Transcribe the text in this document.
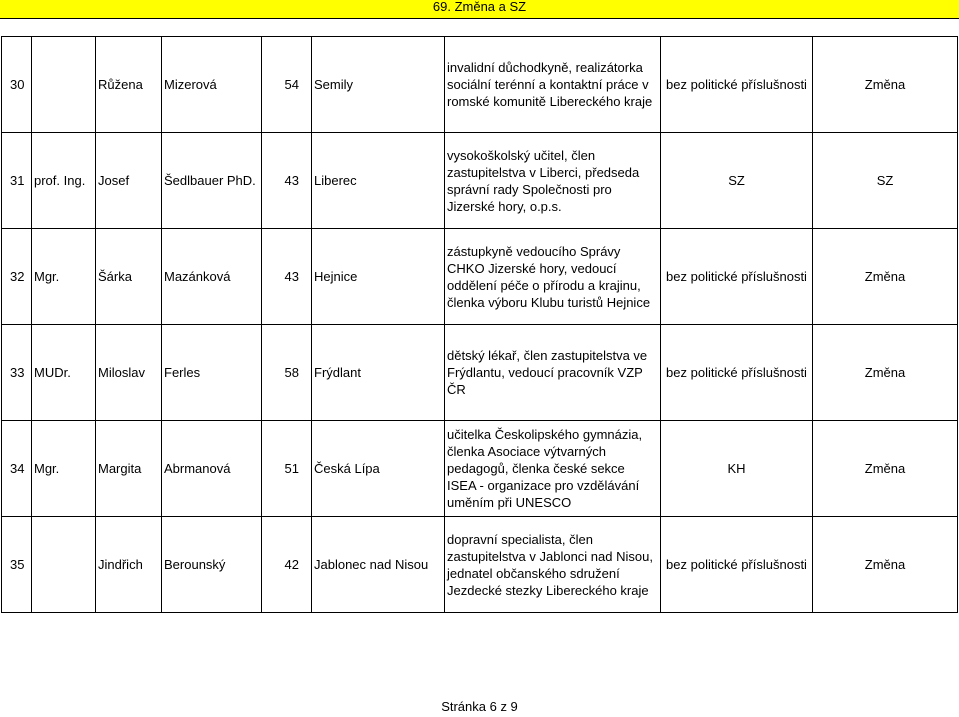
69. Změna a SZ
30		Růžena	Mizerová	54	Semily	invalidní důchodkyně, realizátorka sociální terénní a kontaktní práce v romské komunitě Libereckého kraje	bez politické příslušnosti	Změna
31	prof. Ing.	Josef	Šedlbauer PhD.	43	Liberec	vysokoškolský učitel, člen zastupitelstva v Liberci, předseda správní rady Společnosti pro Jizerské hory, o.p.s.	SZ	SZ
32	Mgr.	Šárka	Mazánková	43	Hejnice	zástupkyně vedoucího Správy CHKO Jizerské hory, vedoucí oddělení péče o přírodu a krajinu, členka výboru Klubu turistů Hejnice	bez politické příslušnosti	Změna
33	MUDr.	Miloslav	Ferles	58	Frýdlant	dětský lékař, člen zastupitelstva ve Frýdlantu, vedoucí pracovník VZP ČR	bez politické příslušnosti	Změna
34	Mgr.	Margita	Abrmanová	51	Česká Lípa	učitelka Českolipského gymnázia, členka Asociace výtvarných pedagogů, členka české sekce ISEA - organizace pro vzdělávání uměním při UNESCO	KH	Změna
35		Jindřich	Berounský	42	Jablonec nad Nisou	dopravní specialista, člen zastupitelstva v Jablonci nad Nisou, jednatel občanského sdružení Jezdecké stezky Libereckého kraje	bez politické příslušnosti	Změna
Stránka 6 z 9
